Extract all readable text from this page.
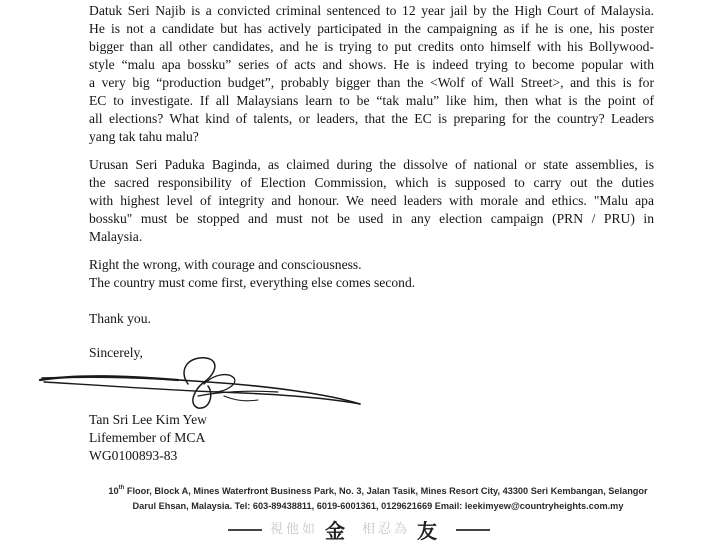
Datuk Seri Najib is a convicted criminal sentenced to 12 year jail by the High Court of Malaysia.
He is not a candidate but has actively participated in the campaigning as if he is one, his poster
bigger than all other candidates, and he is trying to put credits onto himself with his Bollywood-
style “malu apa bossku” series of acts and shows. He is indeed trying to become popular with
a very big “production budget”, probably bigger than the <Wolf of Wall Street>, and this is for
EC to investigate. If all Malaysians learn to be “tak malu” like him, then what is the point of
all elections? What kind of talents, or leaders, that the EC is preparing for the country? Leaders
yang tak tahu malu?
Urusan Seri Paduka Baginda, as claimed during the dissolve of national or state assemblies, is
the sacred responsibility of Election Commission, which is supposed to carry out the duties
with highest level of integrity and honour. We need leaders with morale and ethics. "Malu apa
bossku" must be stopped and must not be used in any election campaign (PRN / PRU) in
Malaysia.
Right the wrong, with courage and consciousness.
The country must come first, everything else comes second.
Thank you.
Sincerely,
Tan Sri Lee Kim Yew
Lifemember of MCA
WG0100893-83
10th Floor, Block A, Mines Waterfront Business Park, No. 3, Jalan Tasik, Mines Resort City, 43300 Seri Kembangan, Selangor
Darul Ehsan, Malaysia. Tel: 603-89438811, 6019-6001361, 0129621669 Email: leekimyew@countryheights.com.my
視他如 金 相忍為 友
